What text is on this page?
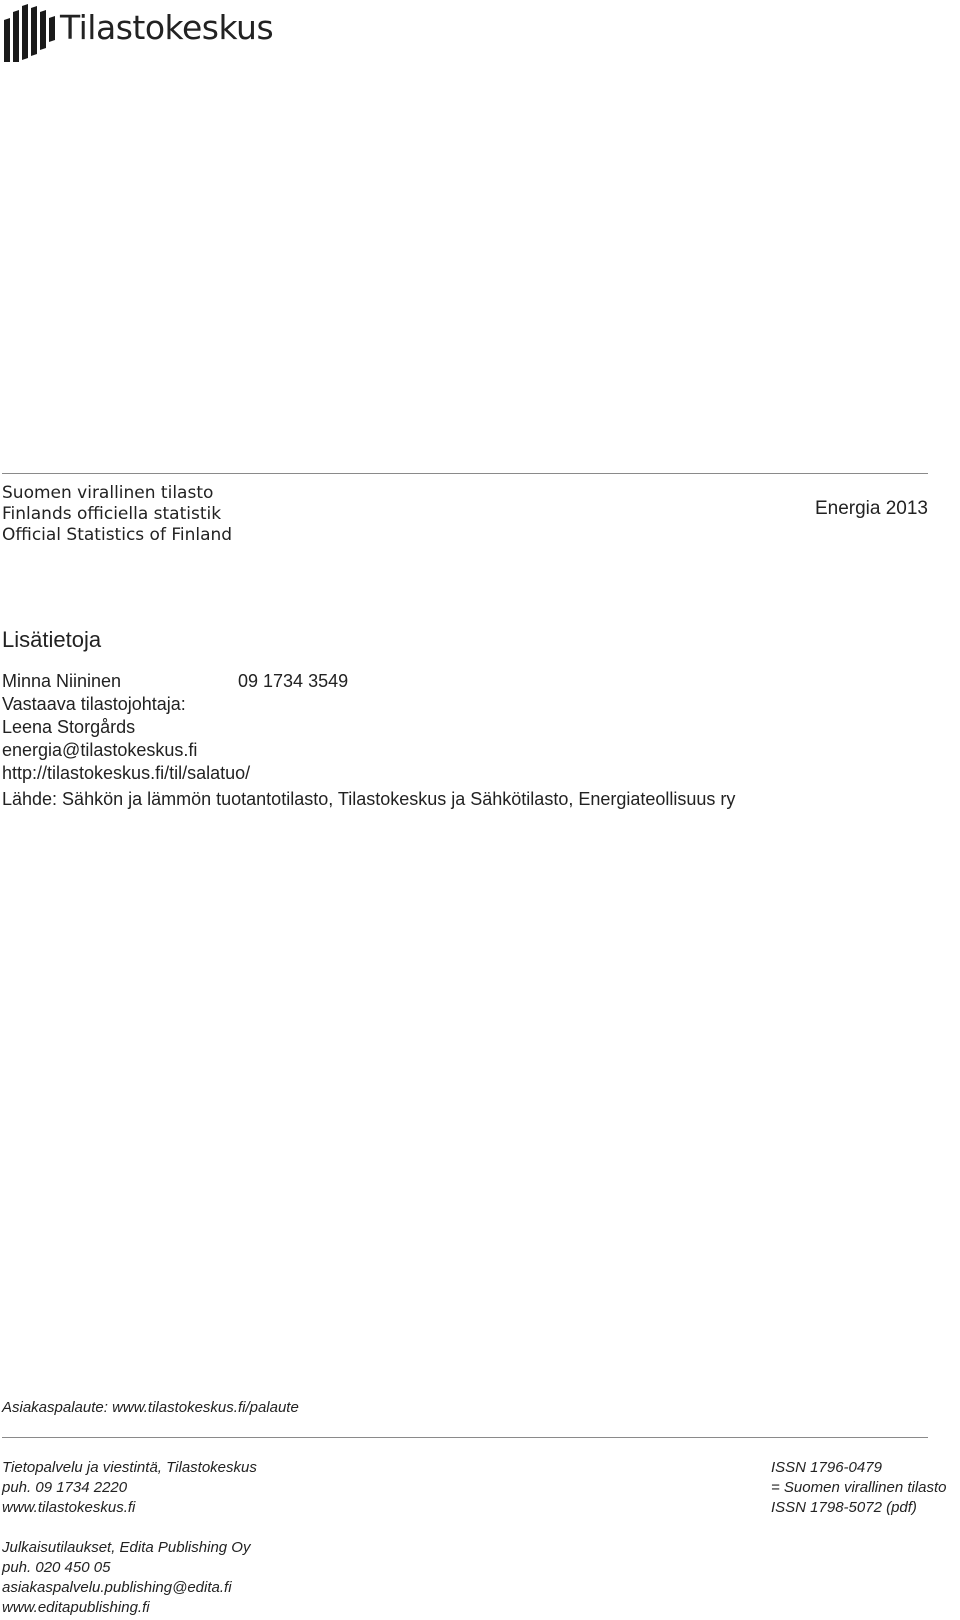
Tilastokeskus
Suomen virallinen tilasto
Finlands officiella statistik
Official Statistics of Finland
Energia 2013
Lisätietoja
Minna Niininen	09 1734 3549
Vastaava tilastojohtaja:
Leena Storgårds
energia@tilastokeskus.fi
http://tilastokeskus.fi/til/salatuo/
Lähde: Sähkön ja lämmön tuotantotilasto, Tilastokeskus ja Sähkötilasto, Energiateollisuus ry
Asiakaspalaute: www.tilastokeskus.fi/palaute
Tietopalvelu ja viestintä, Tilastokeskus
puh. 09 1734 2220
www.tilastokeskus.fi
ISSN 1796-0479
= Suomen virallinen tilasto
ISSN 1798-5072 (pdf)
Julkaisutilaukset, Edita Publishing Oy
puh. 020 450 05
asiakaspalvelu.publishing@edita.fi
www.editapublishing.fi
